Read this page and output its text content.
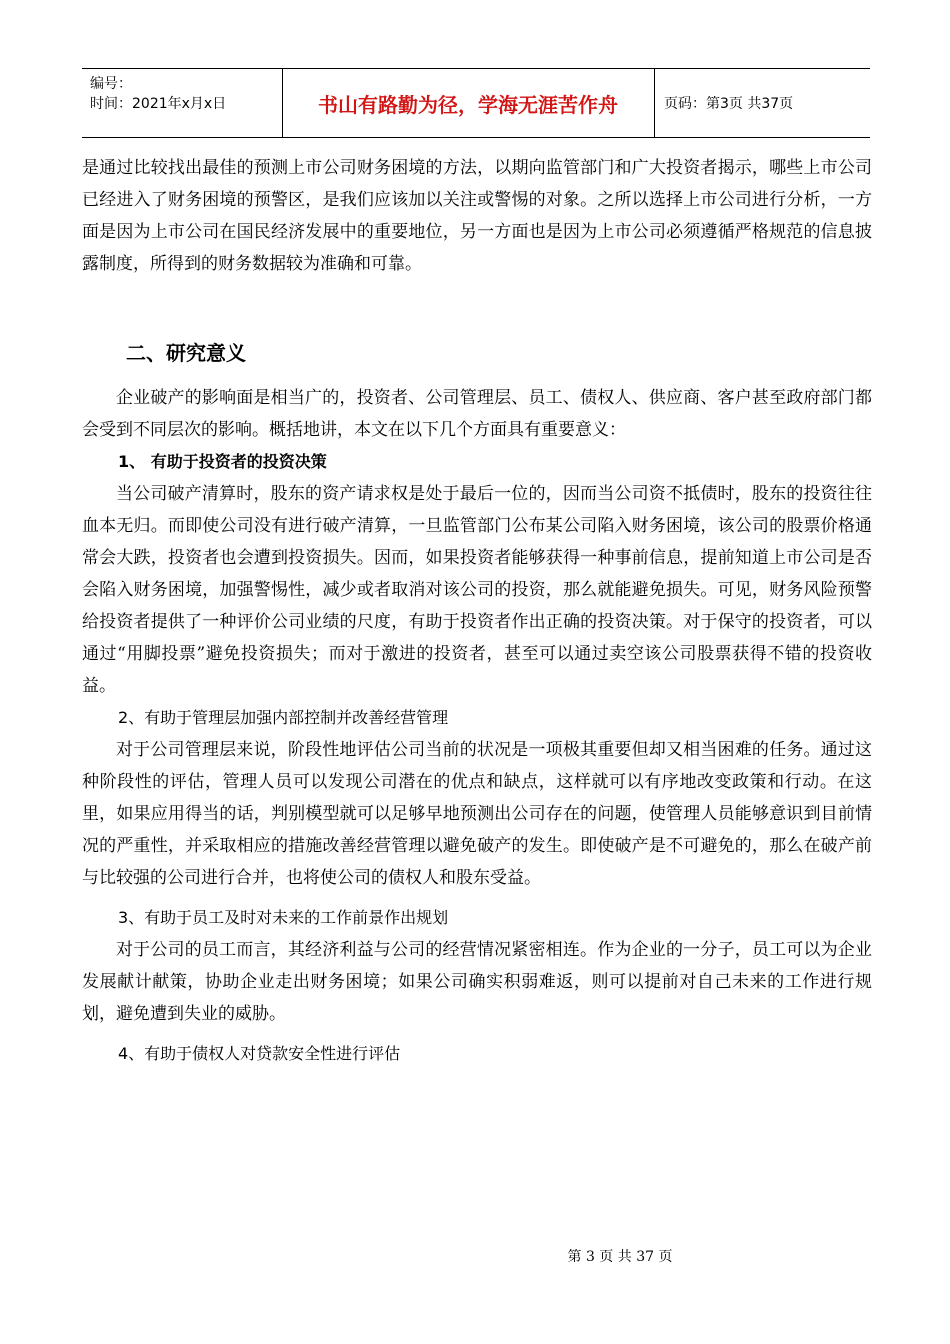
编号：
时间：2021年x月x日	书山有路勤为径，学海无涯苦作舟	页码：第3页 共37页

是通过比较找出最佳的预测上市公司财务困境的方法，以期向监管部门和广大投资者揭示，哪些上市公司已经进入了财务困境的预警区，是我们应该加以关注或警惕的对象。之所以选择上市公司进行分析，一方面是因为上市公司在国民经济发展中的重要地位，另一方面也是因为上市公司必须遵循严格规范的信息披露制度，所得到的财务数据较为准确和可靠。

二、研究意义

企业破产的影响面是相当广的，投资者、公司管理层、员工、债权人、供应商、客户甚至政府部门都会受到不同层次的影响。概括地讲，本文在以下几个方面具有重要意义：

1、 有助于投资者的投资决策

当公司破产清算时，股东的资产请求权是处于最后一位的，因而当公司资不抵债时，股东的投资往往血本无归。而即使公司没有进行破产清算，一旦监管部门公布某公司陷入财务困境，该公司的股票价格通常会大跌，投资者也会遭到投资损失。因而，如果投资者能够获得一种事前信息，提前知道上市公司是否会陷入财务困境，加强警惕性，减少或者取消对该公司的投资，那么就能避免损失。可见，财务风险预警给投资者提供了一种评价公司业绩的尺度，有助于投资者作出正确的投资决策。对于保守的投资者，可以通过“用脚投票”避免投资损失；而对于激进的投资者，甚至可以通过卖空该公司股票获得不错的投资收益。

2、有助于管理层加强内部控制并改善经营管理

对于公司管理层来说，阶段性地评估公司当前的状况是一项极其重要但却又相当困难的任务。通过这种阶段性的评估，管理人员可以发现公司潜在的优点和缺点，这样就可以有序地改变政策和行动。在这里，如果应用得当的话，判别模型就可以足够早地预测出公司存在的问题，使管理人员能够意识到目前情况的严重性，并采取相应的措施改善经营管理以避免破产的发生。即使破产是不可避免的，那么在破产前与比较强的公司进行合并，也将使公司的债权人和股东受益。

3、有助于员工及时对未来的工作前景作出规划

对于公司的员工而言，其经济利益与公司的经营情况紧密相连。作为企业的一分子，员工可以为企业发展献计献策，协助企业走出财务困境；如果公司确实积弱难返，则可以提前对自己未来的工作进行规划，避免遭到失业的威胁。

4、有助于债权人对贷款安全性进行评估
第 3 页 共 37 页
